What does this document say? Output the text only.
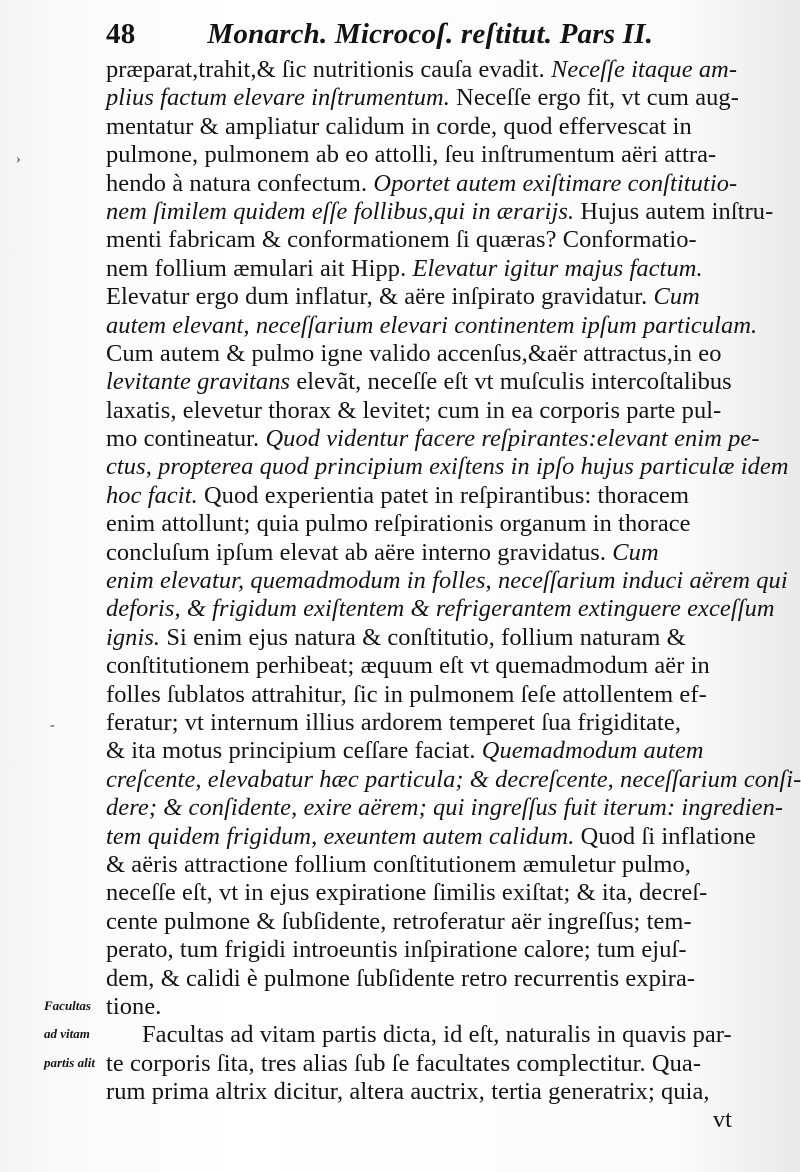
48 Monarch. Microcoſ. reſtitut. Pars II.
præparat,trahit,& ſic nutritionis cauſa evadit. Neceſſe itaque am-
plius factum elevare inſtrumentum. Neceſſe ergo fit, vt cum aug-
mentatur & ampliatur calidum in corde, quod effervescat in
pulmone, pulmonem ab eo attolli, ſeu inſtrumentum aëri attra-
hendo à natura confectum. Oportet autem exiſtimare conſtitutio-
nem ſimilem quidem eſſe follibus,qui in ærarijs. Hujus autem inſtru-
menti fabricam & conformationem ſi quæras? Conformatio-
nem follium æmulari ait Hipp. Elevatur igitur majus factum.
Elevatur ergo dum inflatur, & aëre inſpirato gravidatur. Cum
autem elevant, neceſſarium elevari continentem ipſum particulam.
Cum autem & pulmo igne valido accenſus,&aër attractus,in eo
levitante gravitans elevãt, neceſſe eſt vt muſculis intercoſtalibus
laxatis, elevetur thorax & levitet; cum in ea corporis parte pul-
mo contineatur. Quod videntur facere reſpirantes:elevant enim pe-
ctus, propterea quod principium exiſtens in ipſo hujus particulæ idem
hoc facit. Quod experientia patet in reſpirantibus: thoracem
enim attollunt; quia pulmo reſpirationis organum in thorace
concluſum ipſum elevat ab aëre interno gravidatus. Cum
enim elevatur, quemadmodum in folles, neceſſarium induci aërem qui
deforis, & frigidum exiſtentem & refrigerantem extinguere exceſſum
ignis. Si enim ejus natura & conſtitutio, follium naturam &
conſtitutionem perhibeat; æquum eſt vt quemadmodum aër in
folles ſublatos attrahitur, ſic in pulmonem ſeſe attollentem ef-
feratur; vt internum illius ardorem temperet ſua frigiditate,
& ita motus principium ceſſare faciat. Quemadmodum autem
creſcente, elevabatur hæc particula; & decreſcente, neceſſarium conſi-
dere; & conſidente, exire aërem; qui ingreſſus fuit iterum: ingredien-
tem quidem frigidum, exeuntem autem calidum. Quod ſi inflatione
& aëris attractione follium conſtitutionem æmuletur pulmo,
neceſſe eſt, vt in ejus expiratione ſimilis exiſtat; & ita, decreſ-
cente pulmone & ſubſidente, retroferatur aër ingreſſus; tem-
perato, tum frigidi introeuntis inſpiratione calore; tum ejuſ-
dem, & calidi è pulmone ſubſidente retro recurrentis expira-
tione.
Facultas ad vitam partis dicta, id eſt, naturalis in quavis par-
te corporis ſita, tres alias ſub ſe facultates complectitur. Qua-
rum prima altrix dicitur, altera auctrix, tertia generatrix; quia,
vt
Facultas
ad vitam
partis alit
›
-
